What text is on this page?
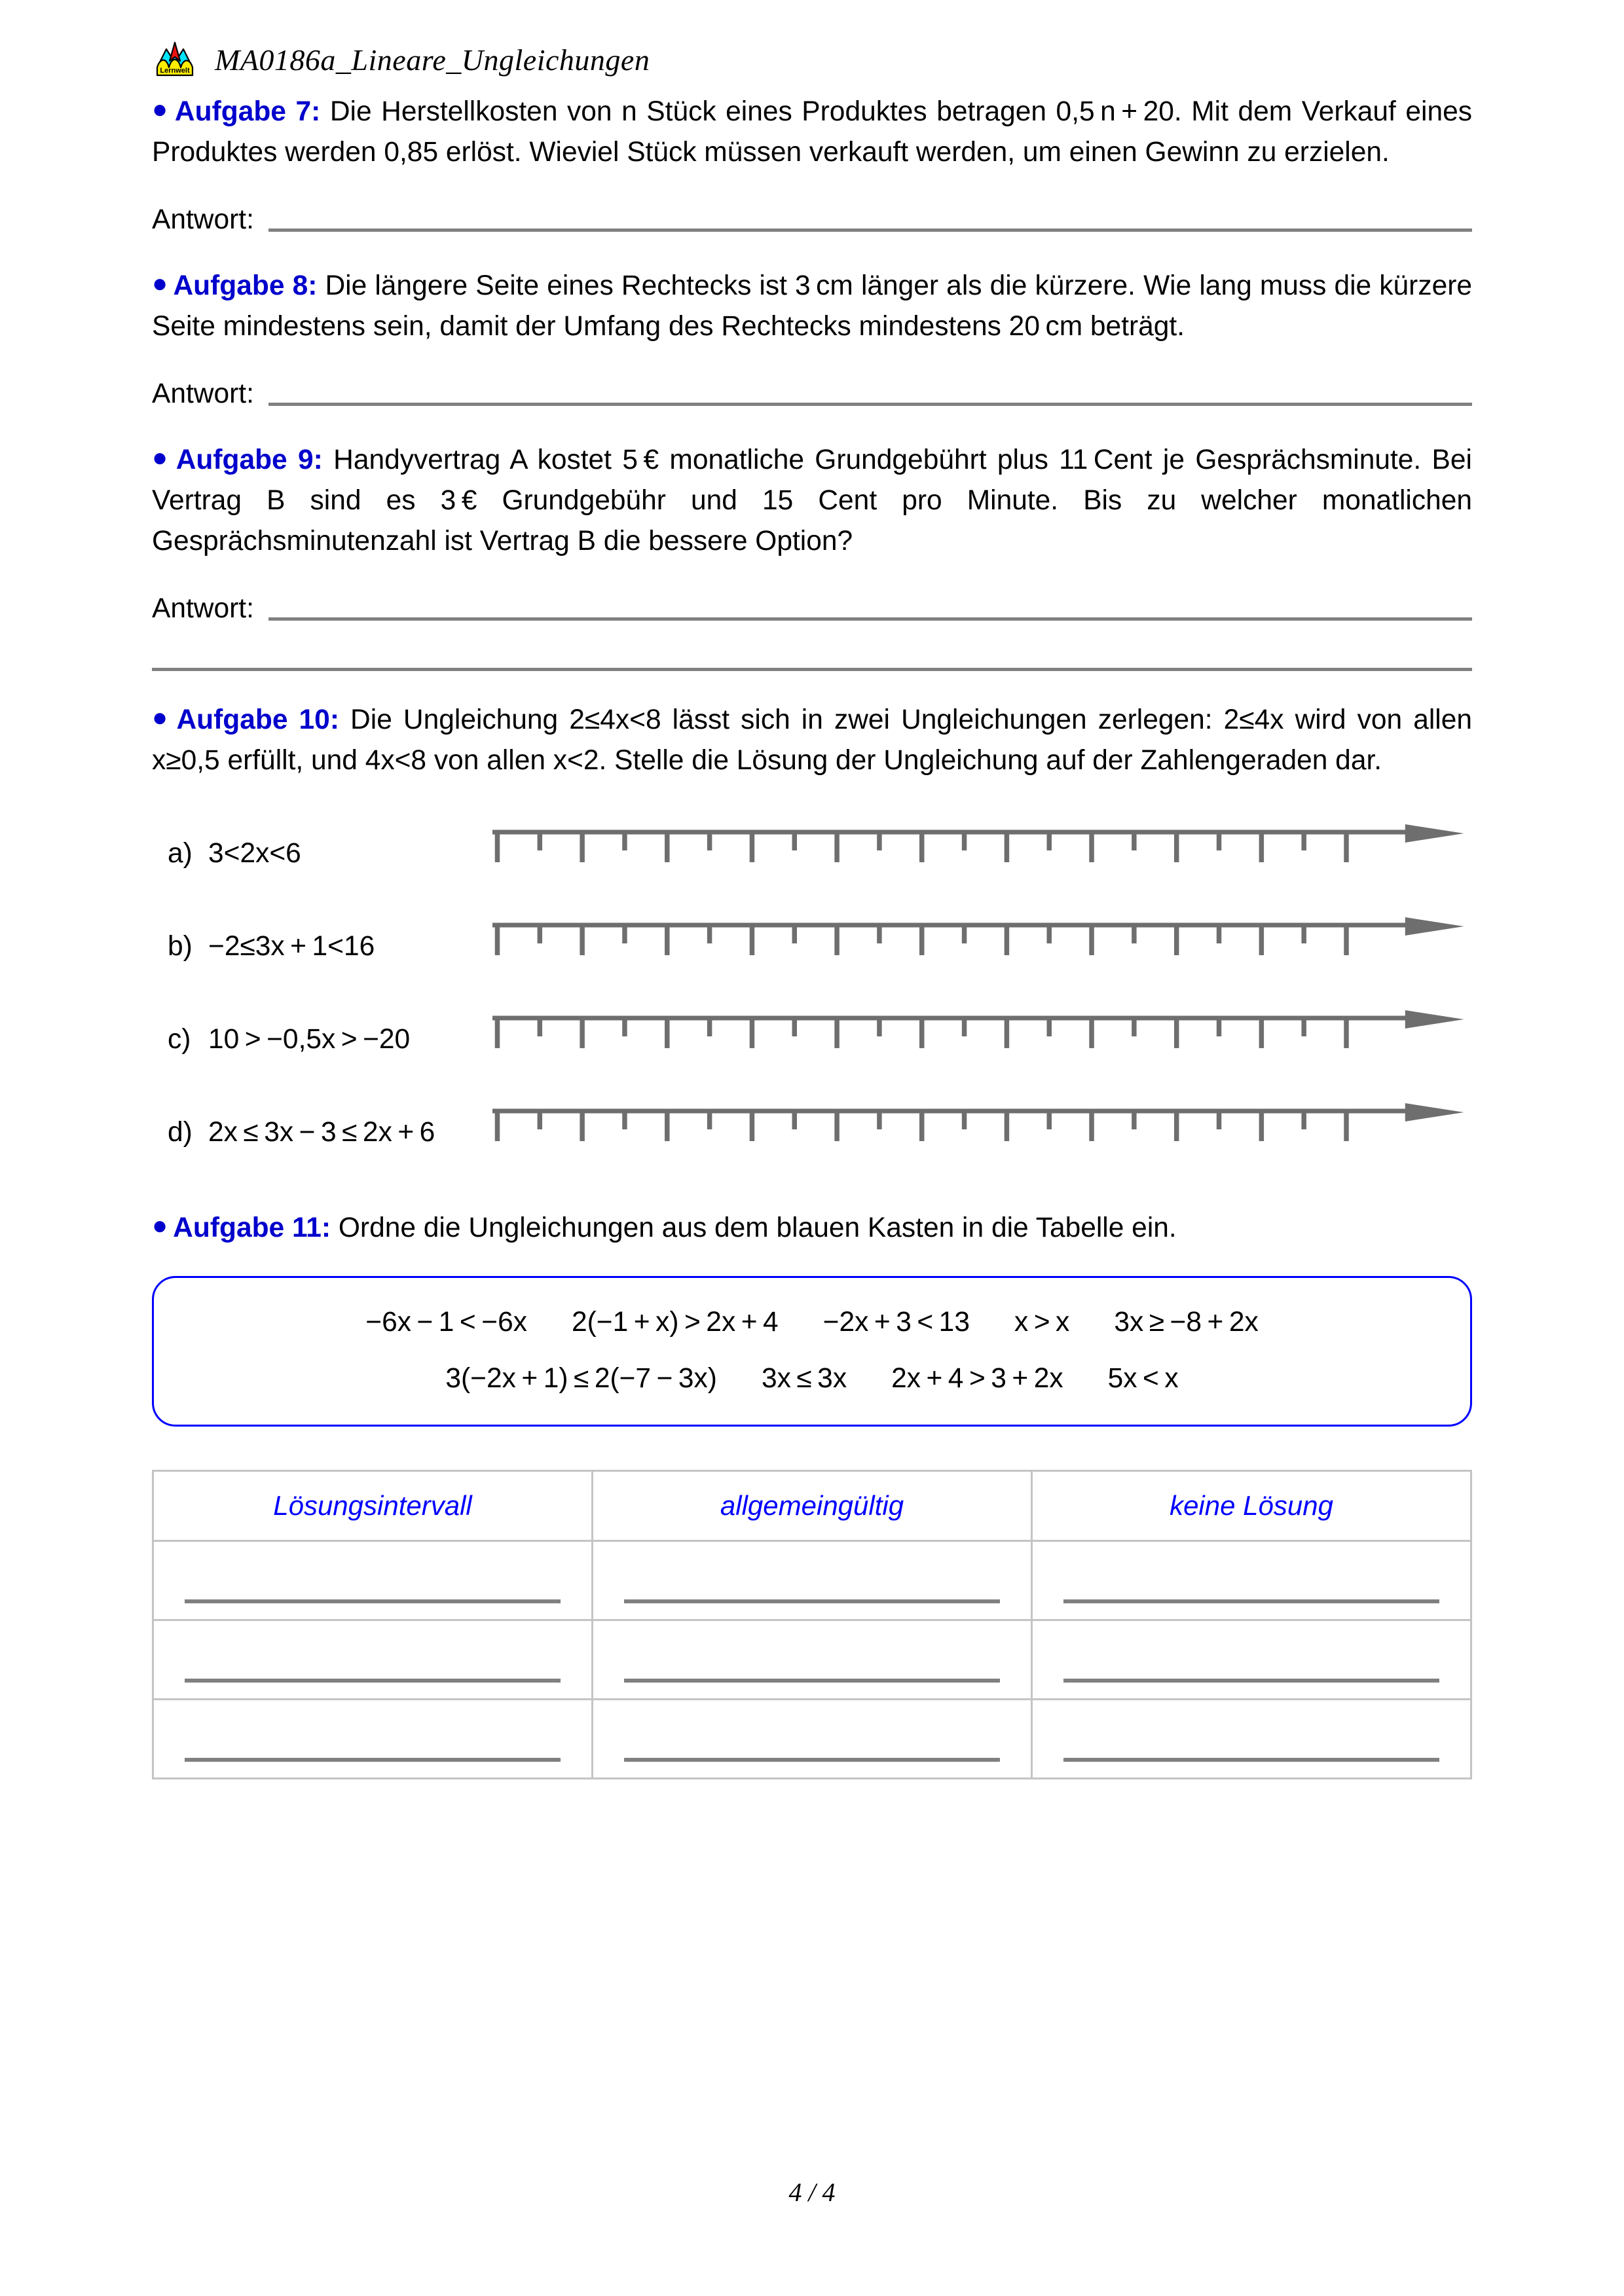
Lernwelt MA0186a_Lineare_Ungleichungen
● Aufgabe 7: Die Herstellkosten von n Stück eines Produktes betragen 0,5 n + 20. Mit dem Verkauf eines Produktes werden 0,85 erlöst. Wieviel Stück müssen verkauft werden, um einen Gewinn zu erzielen.
Antwort:
● Aufgabe 8: Die längere Seite eines Rechtecks ist 3 cm länger als die kürzere. Wie lang muss die kürzere Seite mindestens sein, damit der Umfang des Rechtecks mindestens 20 cm beträgt.
Antwort:
● Aufgabe 9: Handyvertrag A kostet 5 € monatliche Grundgebührt plus 11 Cent je Gesprächsminute. Bei Vertrag B sind es 3 € Grundgebühr und 15 Cent pro Minute. Bis zu welcher monatlichen Gesprächsminutenzahl ist Vertrag B die bessere Option?
Antwort:
● Aufgabe 10: Die Ungleichung 2≤4x<8 lässt sich in zwei Ungleichungen zerlegen: 2≤4x wird von allen x≥0,5 erfüllt, und 4x<8 von allen x<2. Stelle die Lösung der Ungleichung auf der Zahlengeraden dar.
a) 3<2x<6
b) −2≤3x + 1<16
c) 10 > −0,5x > −20
d) 2x ≤ 3x − 3 ≤ 2x + 6
● Aufgabe 11: Ordne die Ungleichungen aus dem blauen Kasten in die Tabelle ein.
−6x − 1 < −6x	2(−1 + x) > 2x + 4	−2x + 3 < 13	x > x	3x ≥ −8 + 2x
3(−2x + 1) ≤ 2(−7 − 3x)	3x ≤ 3x	2x + 4 > 3 + 2x	5x < x
Lösungsintervall	allgemeingültig	keine Lösung

4 / 4
